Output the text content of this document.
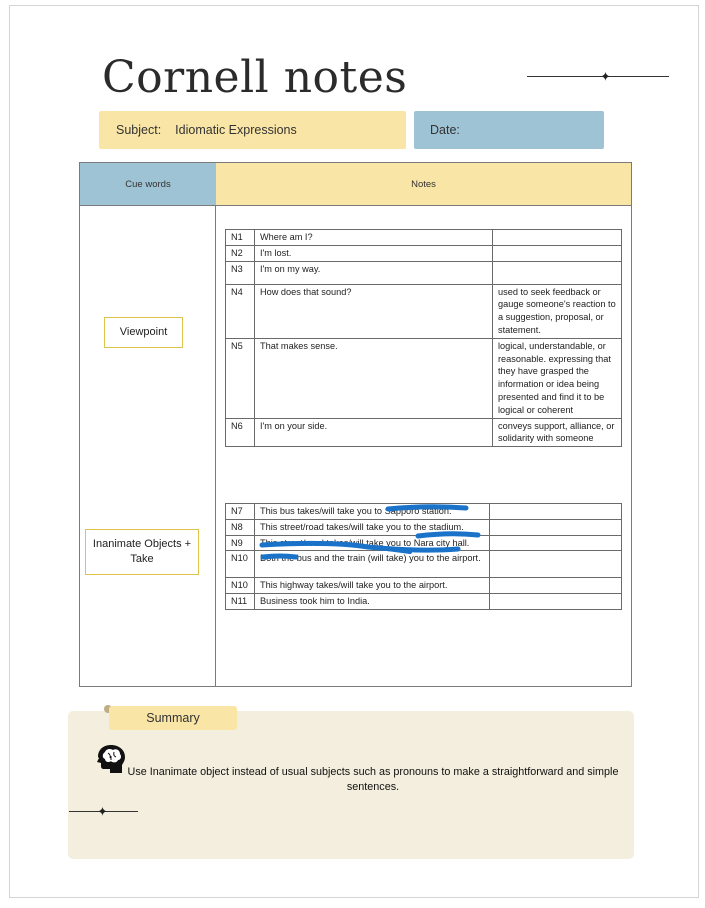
Cornell notes	✦
Subject: Idiomatic Expressions	Date:
Cue words	Notes
Viewpoint
Inanimate Objects + Take
N1	Where am I?	
N2	I'm lost.	
N3	I'm on my way.	
N4	How does that sound?	used to seek feedback or gauge someone's reaction to a suggestion, proposal, or statement.
N5	That makes sense.	logical, understandable, or reasonable. expressing that they have grasped the information or idea being presented and find it to be logical or coherent
N6	I'm on your side.	conveys support, alliance, or solidarity with someone
N7	This bus takes/will take you to Sapporo station.	
N8	This street/road takes/will take you to the stadium.	
N9	This street/road takes/will take you to Nara city hall.	
N10	Both the bus and the train (will take) you to the airport.	
N10	This highway takes/will take you to the airport.	
N11	Business took him to India.	
Summary
Use Inanimate object instead of usual subjects such as pronouns to make a straightforward and simple sentences.
✦
